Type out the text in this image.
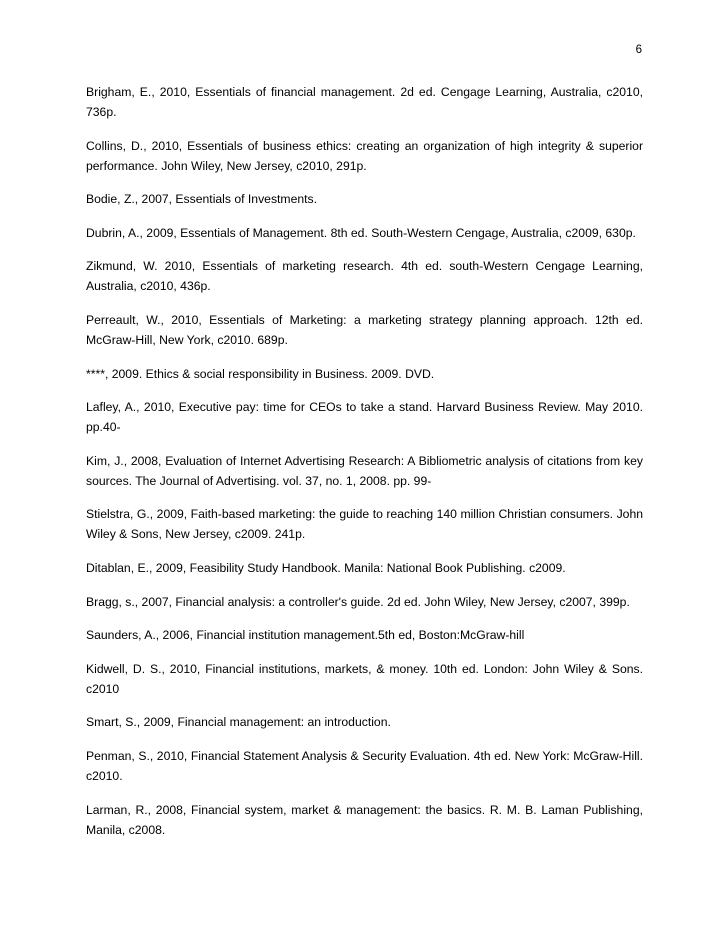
6
Brigham, E., 2010, Essentials of financial management. 2d ed. Cengage Learning, Australia, c2010, 736p.
Collins, D., 2010, Essentials of business ethics: creating an organization of high integrity & superior performance. John Wiley, New Jersey, c2010, 291p.
Bodie, Z., 2007, Essentials of Investments.
Dubrin, A., 2009, Essentials of Management. 8th ed. South-Western Cengage, Australia, c2009, 630p.
Zikmund, W. 2010, Essentials of marketing research. 4th ed. south-Western Cengage Learning, Australia, c2010, 436p.
Perreault, W., 2010, Essentials of Marketing: a marketing strategy planning approach. 12th ed. McGraw-Hill, New York, c2010. 689p.
****, 2009. Ethics & social responsibility in Business. 2009. DVD.
Lafley, A., 2010, Executive pay: time for CEOs to take a stand. Harvard Business Review. May 2010. pp.40-
Kim, J., 2008, Evaluation of Internet Advertising Research: A Bibliometric analysis of citations from key sources. The Journal of Advertising. vol. 37, no. 1, 2008. pp. 99-
Stielstra, G., 2009, Faith-based marketing: the guide to reaching 140 million Christian consumers. John Wiley & Sons, New Jersey, c2009. 241p.
Ditablan, E., 2009, Feasibility Study Handbook. Manila: National Book Publishing. c2009.
Bragg, s., 2007, Financial analysis: a controller's guide. 2d ed. John Wiley, New Jersey, c2007, 399p.
Saunders, A., 2006, Financial institution management.5th ed, Boston:McGraw-hill
Kidwell, D. S., 2010, Financial institutions, markets, & money. 10th ed. London: John Wiley & Sons. c2010
Smart, S., 2009, Financial management: an introduction.
Penman, S., 2010, Financial Statement Analysis & Security Evaluation. 4th ed. New York: McGraw-Hill. c2010.
Larman, R., 2008, Financial system, market & management: the basics. R. M. B. Laman Publishing, Manila, c2008.
